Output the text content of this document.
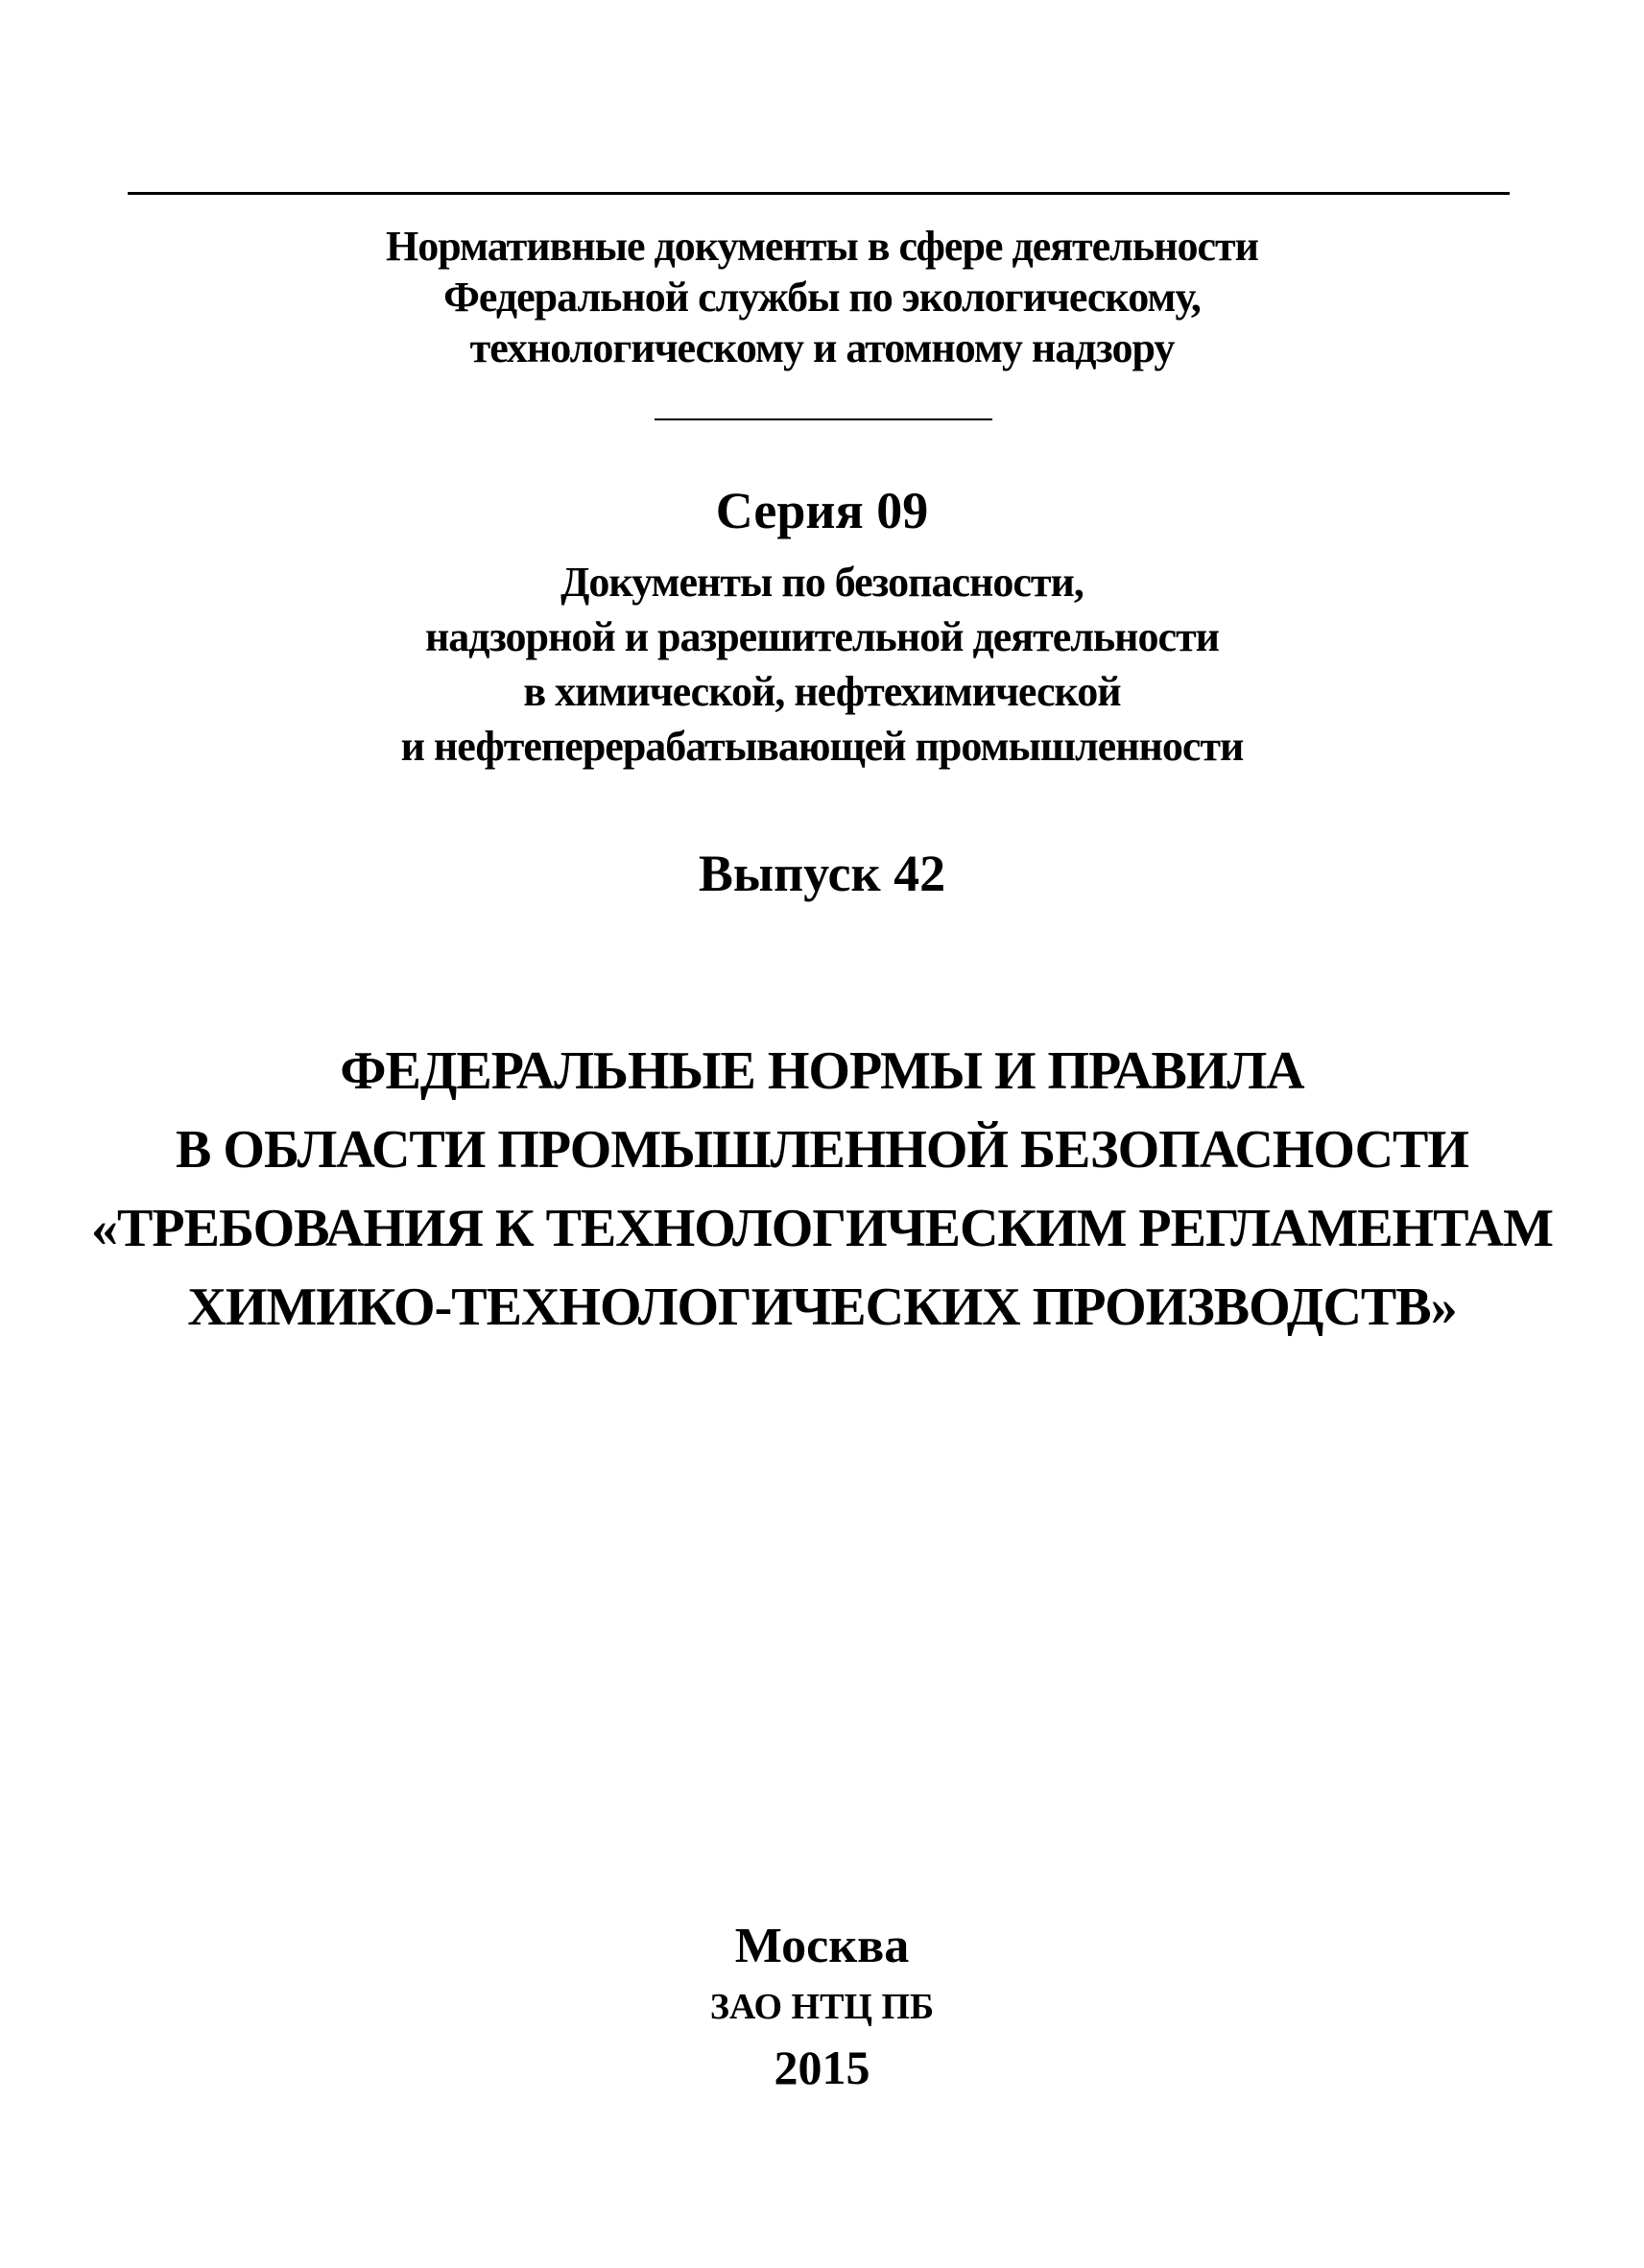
Нормативные документы в сфере деятельности
Федеральной службы по экологическому,
технологическому и атомному надзору
Серия 09
Документы по безопасности,
надзорной и разрешительной деятельности
в химической, нефтехимической
и нефтеперерабатывающей промышленности
Выпуск 42
ФЕДЕРАЛЬНЫЕ НОРМЫ И ПРАВИЛА
В ОБЛАСТИ ПРОМЫШЛЕННОЙ БЕЗОПАСНОСТИ
«ТРЕБОВАНИЯ К ТЕХНОЛОГИЧЕСКИМ РЕГЛАМЕНТАМ
ХИМИКО-ТЕХНОЛОГИЧЕСКИХ ПРОИЗВОДСТВ»
Москва
ЗАО НТЦ ПБ
2015
